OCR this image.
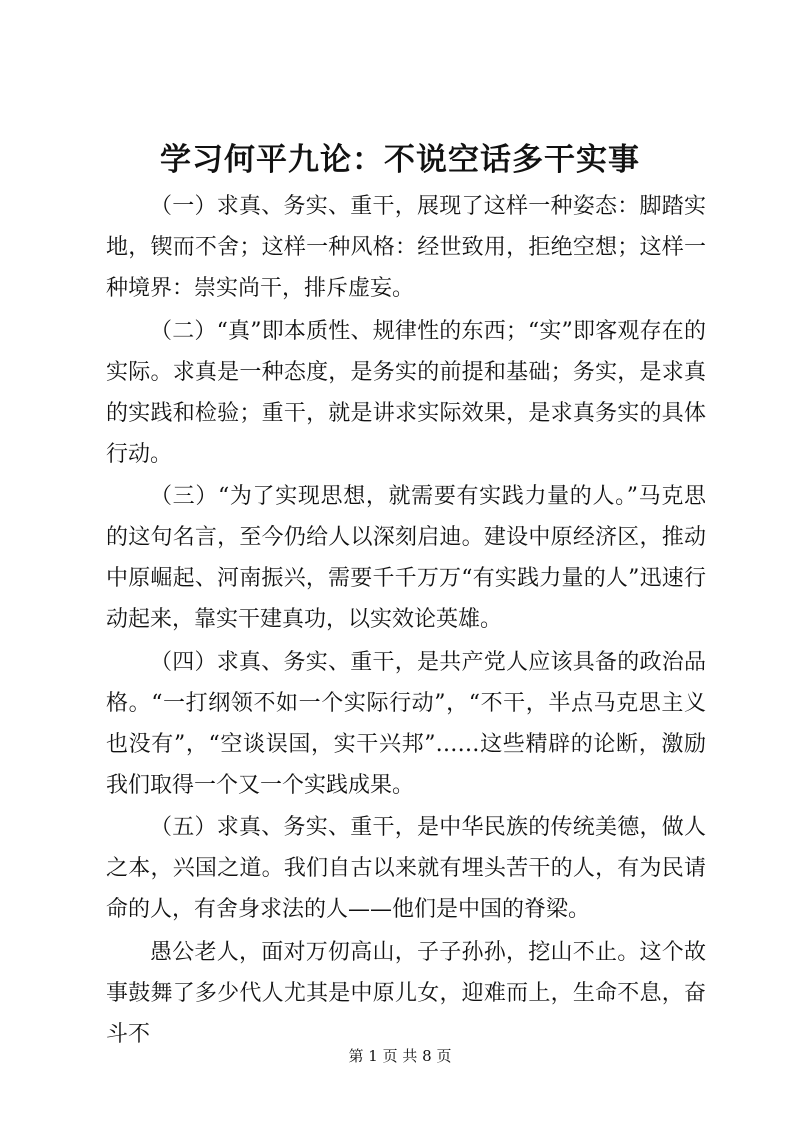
学习何平九论：不说空话多干实事

（一）求真、务实、重干，展现了这样一种姿态：脚踏实地，锲而不舍；这样一种风格：经世致用，拒绝空想；这样一种境界：崇实尚干，排斥虚妄。

（二）“真”即本质性、规律性的东西；“实”即客观存在的实际。求真是一种态度，是务实的前提和基础；务实，是求真的实践和检验；重干，就是讲求实际效果，是求真务实的具体行动。

（三）“为了实现思想，就需要有实践力量的人。”马克思的这句名言，至今仍给人以深刻启迪。建设中原经济区，推动中原崛起、河南振兴，需要千千万万“有实践力量的人”迅速行动起来，靠实干建真功，以实效论英雄。

（四）求真、务实、重干，是共产党人应该具备的政治品格。“一打纲领不如一个实际行动”，“不干，半点马克思主义也没有”，“空谈误国，实干兴邦”……这些精辟的论断，激励我们取得一个又一个实践成果。

（五）求真、务实、重干，是中华民族的传统美德，做人之本，兴国之道。我们自古以来就有埋头苦干的人，有为民请命的人，有舍身求法的人——他们是中国的脊梁。

愚公老人，面对万仞高山，子子孙孙，挖山不止。这个故事鼓舞了多少代人尤其是中原儿女，迎难而上，生命不息，奋斗不

第 1 页 共 8 页
